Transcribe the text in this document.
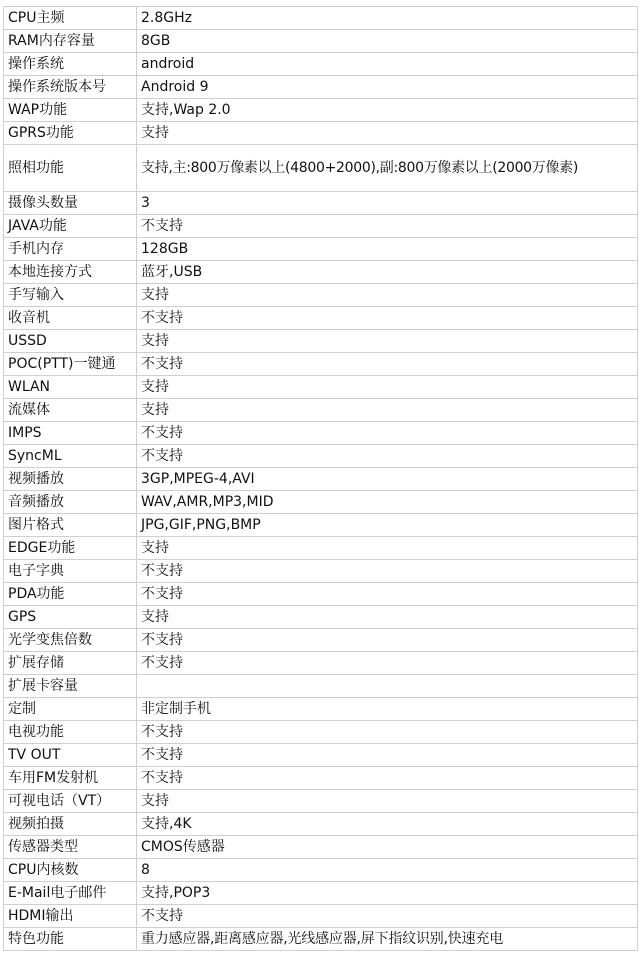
CPU主频	2.8GHz
RAM内存容量	8GB
操作系统	android
操作系统版本号	Android 9
WAP功能	支持,Wap 2.0
GPRS功能	支持
照相功能	支持,主:800万像素以上(4800+2000),副:800万像素以上(2000万像素)
摄像头数量	3
JAVA功能	不支持
手机内存	128GB
本地连接方式	蓝牙,USB
手写输入	支持
收音机	不支持
USSD	支持
POC(PTT)一键通	不支持
WLAN	支持
流媒体	支持
IMPS	不支持
SyncML	不支持
视频播放	3GP,MPEG-4,AVI
音频播放	WAV,AMR,MP3,MID
图片格式	JPG,GIF,PNG,BMP
EDGE功能	支持
电子字典	不支持
PDA功能	不支持
GPS	支持
光学变焦倍数	不支持
扩展存储	不支持
扩展卡容量	
定制	非定制手机
电视功能	不支持
TV OUT	不支持
车用FM发射机	不支持
可视电话（VT）	支持
视频拍摄	支持,4K
传感器类型	CMOS传感器
CPU内核数	8
E-Mail电子邮件	支持,POP3
HDMI输出	不支持
特色功能	重力感应器,距离感应器,光线感应器,屏下指纹识别,快速充电
